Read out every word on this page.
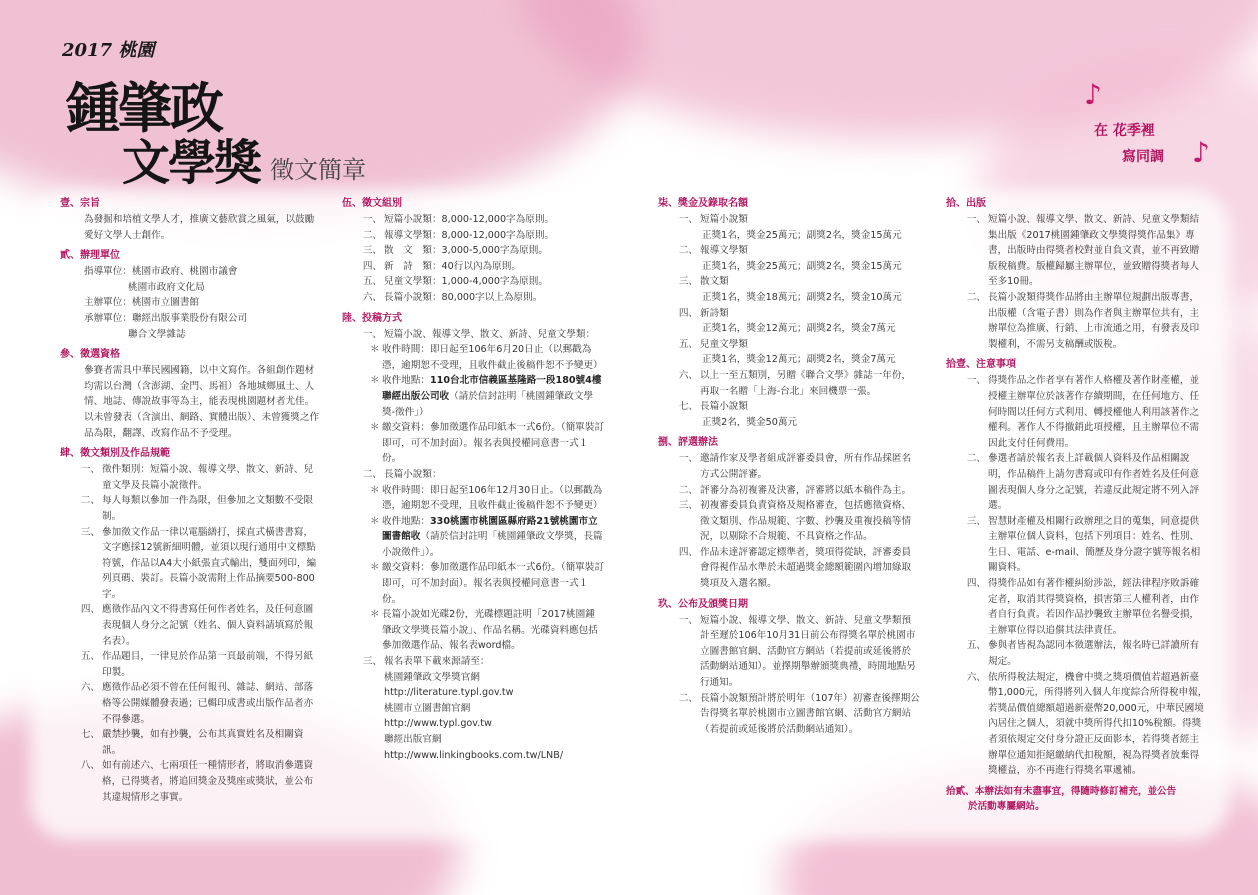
2017 桃園
鍾肇政
文學獎 徵文簡章
♪
在 花季裡
寫同調 ♪
壹、宗旨

為發掘和培植文學人才，推廣文藝欣賞之風氣，以鼓勵愛好文學人士創作。

貳、辦理單位
指導單位： 桃園市政府、桃園市議會
桃園市政府文化局
主辦單位： 桃園市立圖書館
承辦單位： 聯經出版事業股份有限公司
聯合文學雜誌
參、徵選資格

參賽者需具中華民國國籍，以中文寫作。各組創作題材均需以台灣（含澎湖、金門、馬祖）各地城鄉風土、人情、地誌、傳說故事等為主，能表現桃園題材者尤佳。以未曾發表（含演出、網路、實體出版）、未曾獲獎之作品為限，翻譯、改寫作品不予受理。

肆、徵文類別及作品規範
一、 徵件類別：短篇小說、報導文學、散文、新詩、兒童文學及長篇小說徵件。
二、 每人每類以參加一件為限，但參加之文類數不受限制。
三、 參加徵文作品一律以電腦繕打，採直式橫書書寫，文字應採12號新細明體，並須以現行通用中文標點符號，作品以A4大小紙張直式輸出，雙面列印，編列頁碼、裝訂。長篇小說需附上作品摘要500-800字。
四、 應徵作品內文不得書寫任何作者姓名，及任何意圖表現個人身分之記號（姓名、個人資料請填寫於報名表）。
五、 作品題目，一律見於作品第一頁最前端，不得另紙印製。
六、 應徵作品必須不曾在任何報刊、雜誌、網站、部落格等公開媒體發表過；已輯印成書或出版作品者亦不得參選。
七、 嚴禁抄襲，如有抄襲，公布其真實姓名及相關資訊。
八、 如有前述六、七兩項任一種情形者，將取消參選資格，已得獎者，將追回獎金及獎座或獎狀，並公布其違規情形之事實。
伍、徵文組別
一、 短篇小說類：8,000-12,000字為原則。
二、 報導文學類：8,000-12,000字為原則。
三、 散　文　類：3,000-5,000字為原則。
四、 新　詩　類：40行以內為原則。
五、 兒童文學類：1,000-4,000字為原則。
六、 長篇小說類：80,000字以上為原則。
陸、投稿方式
一、 短篇小說、報導文學、散文、新詩、兒童文學類：
＊ 收件時間：即日起至106年6月20日止（以郵戳為憑，逾期恕不受理，且收件截止後稿件恕不予變更）
＊ 收件地點：110台北市信義區基隆路一段180號4樓聯經出版公司收（請於信封註明「桃園鍾肇政文學獎-徵件」）
＊ 繳交資料：參加徵選作品印紙本一式6份。（簡單裝訂即可，可不加封面）。報名表與授權同意書一式１份。
二、 長篇小說類：
＊ 收件時間：即日起至106年12月30日止。（以郵戳為憑，逾期恕不受理，且收件截止後稿件恕不予變更）
＊ 收件地點：330桃園市桃園區縣府路21號桃園市立圖書館收（請於信封註明「桃園鍾肇政文學獎，長篇小說徵件」）。
＊ 繳交資料：參加徵選作品印紙本一式6份。（簡單裝訂即可，可不加封面）。報名表與授權同意書一式１份。
＊ 長篇小說如光碟2份，光碟標題註明「2017桃園鍾肇政文學獎長篇小說」、作品名稱。光碟資料應包括參加徵選作品、報名表word檔。
三、 報名表單下載來源請至：
桃園鍾肇政文學獎官網
http://literature.typl.gov.tw
桃園市立圖書館官網
http://www.typl.gov.tw
聯經出版官網
http://www.linkingbooks.com.tw/LNB/
柒、獎金及錄取名額
一、 短篇小說類
正獎1名，獎金25萬元；副獎2名，獎金15萬元
二、 報導文學類
正獎1名，獎金25萬元；副獎2名，獎金15萬元
三、 散文類
正獎1名，獎金18萬元；副獎2名，獎金10萬元
四、 新詩類
正獎1名，獎金12萬元；副獎2名，獎金7萬元
五、 兒童文學類
正獎1名，獎金12萬元；副獎2名，獎金7萬元
六、 以上一至五類別，另贈《聯合文學》雜誌一年份，再取一名贈「上海-台北」來回機票一張。
七、 長篇小說類
正獎2名，獎金50萬元
捌、評選辦法
一、 邀請作家及學者組成評審委員會，所有作品採匿名方式公開評審。
二、 評審分為初複審及決審，評審將以紙本稿件為主。
三、 初複審委員負責資格及規格審查，包括應徵資格、徵文類別、作品規範、字數、抄襲及重複投稿等情況，以剔除不合規範、不具資格之作品。
四、 作品未達評審認定標準者，獎項得從缺，評審委員會得視作品水準於未超過獎金總額範圍內增加綠取獎項及入選名額。
玖、公布及頒獎日期
一、 短篇小說、報導文學、散文、新詩、兒童文學類預計至遲於106年10月31日前公布得獎名單於桃園市立圖書館官網、活動官方網站（若提前或延後將於活動網站通知）。並擇期舉辦頒獎典禮，時間地點另行通知。
二、 長篇小說類預計將於明年（107年）初審查後擇期公告得獎名單於桃園市立圖書館官網、活動官方網站（若提前或延後將於活動網站通知）。
拾、出版
一、 短篇小說、報導文學、散文、新詩、兒童文學類結集出版《2017桃園鍾肇政文學獎得獎作品集》專書，出版時由得獎者校對並自負文責，並不再致贈版稅稿費。版權歸屬主辦單位，並致贈得獎者每人至多10冊。
二、 長篇小說類得獎作品將由主辦單位規劃出版專書，出版權（含電子書）則為作者與主辦單位共有，主辦單位為推廣、行銷、上市流通之用，有發表及印製權利，不需另支稿酬或版稅。
拾壹、注意事項
一、 得獎作品之作者享有著作人格權及著作財產權，並授權主辦單位於該著作存續期間，在任何地方、任何時間以任何方式利用、轉授權他人利用該著作之權利。著作人不得撤銷此項授權，且主辦單位不需因此支付任何費用。
二、 參選者請於報名表上詳載個人資料及作品相關說明，作品稿件上請勿書寫或印有作者姓名及任何意圖表現個人身分之記號，若違反此規定將不列入評選。
三、 智慧財產權及相關行政辦理之目的蒐集，同意提供主辦單位個人資料，包括下列項目：姓名、性別、生日、電話、e-mail、簡歷及身分證字號等報名相關資料。
四、 得獎作品如有著作權糾紛涉訟，經法律程序敗訴確定者，取消其得獎資格，損害第三人權利者，由作者自行負責。若因作品抄襲致主辦單位名譽受損，主辦單位得以追償其法律責任。
五、 參與者皆視為認同本徵選辦法，報名時已詳讀所有規定。
六、 依所得稅法規定，機會中獎之獎項價值若超過新臺幣1,000元，所得將列入個人年度綜合所得稅申報，若獎品價值總額超過新臺幣20,000元，中華民國境內居住之個人，須就中獎所得代扣10%稅額。得獎者須依規定交付身分證正反面影本，若得獎者經主辦單位通知拒絕繳納代扣稅額，視為得獎者放棄得獎權益，亦不再進行得獎名單遞補。
拾貳、本辦法如有未盡事宜，得隨時修訂補充，並公告
於活動專屬網站。
